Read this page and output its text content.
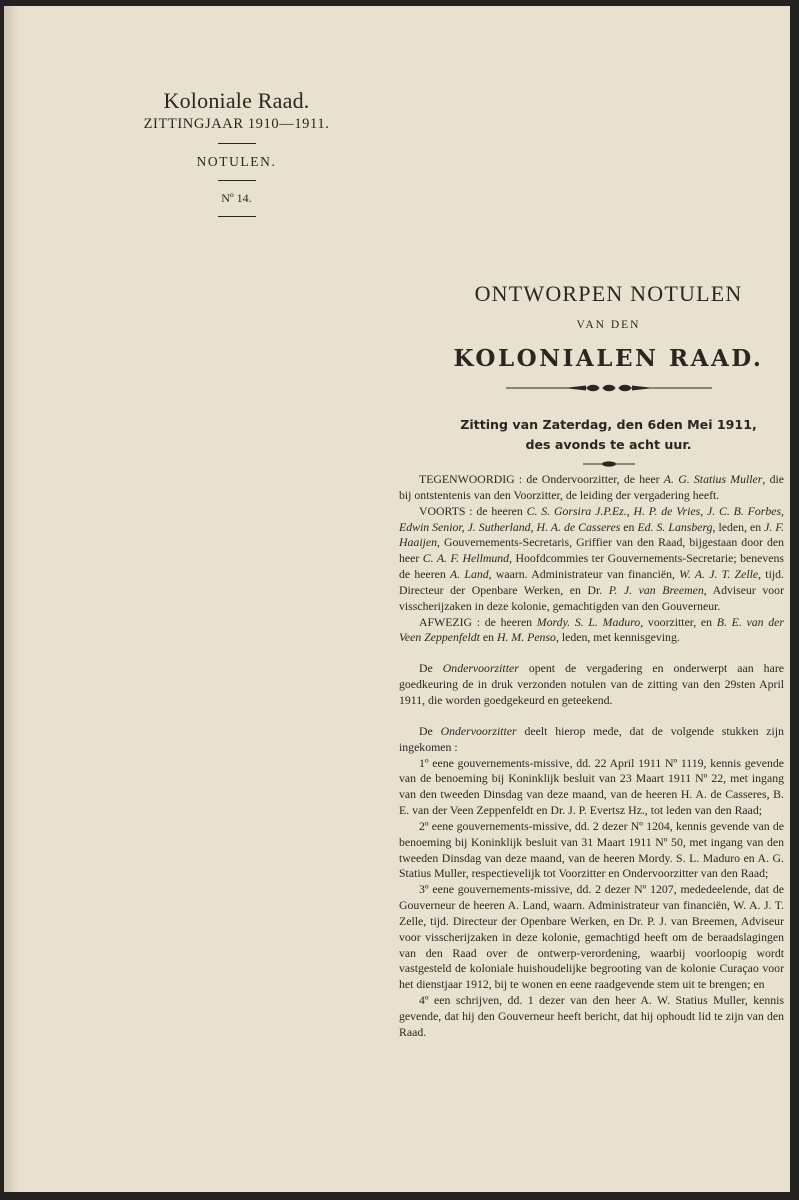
Koloniale Raad.
ZITTINGJAAR 1910—1911.
NOTULEN.
Nº 14.
ONTWORPEN NOTULEN
VAN DEN
KOLONIALEN RAAD.
Zitting van Zaterdag, den 6den Mei 1911,
des avonds te acht uur.

TEGENWOORDIG : de Ondervoorzitter, de heer A. G. Statius Muller, die bij ontstentenis van den Voorzitter, de leiding der vergadering heeft.

VOORTS : de heeren C. S. Gorsira J.P.Ez., H. P. de Vries, J. C. B. Forbes, Edwin Senior, J. Sutherland, H. A. de Casseres en Ed. S. Lansberg, leden, en J. F. Haaijen, Gouvernements-Secretaris, Griffier van den Raad, bijgestaan door den heer C. A. F. Hellmund, Hoofdcommies ter Gouvernements-Secretarie; benevens de heeren A. Land, waarn. Administrateur van financiën, W. A. J. T. Zelle, tijd. Directeur der Openbare Werken, en Dr. P. J. van Breemen, Adviseur voor visscherijzaken in deze kolonie, gemachtigden van den Gouverneur.

AFWEZIG : de heeren Mordy. S. L. Maduro, voorzitter, en B. E. van der Veen Zeppenfeldt en H. M. Penso, leden, met kennisgeving.

De Ondervoorzitter opent de vergadering en onderwerpt aan hare goedkeuring de in druk verzonden notulen van de zitting van den 29sten April 1911, die worden goedgekeurd en geteekend.

De Ondervoorzitter deelt hierop mede, dat de volgende stukken zijn ingekomen :

1º eene gouvernements-missive, dd. 22 April 1911 Nº 1119, kennis gevende van de benoeming bij Koninklijk besluit van 23 Maart 1911 Nº 22, met ingang van den tweeden Dinsdag van deze maand, van de heeren H. A. de Casseres, B. E. van der Veen Zeppenfeldt en Dr. J. P. Evertsz Hz., tot leden van den Raad;

2º eene gouvernements-missive, dd. 2 dezer Nº 1204, kennis gevende van de benoeming bij Koninklijk besluit van 31 Maart 1911 Nº 50, met ingang van den tweeden Dinsdag van deze maand, van de heeren Mordy. S. L. Maduro en A. G. Statius Muller, respectievelijk tot Voorzitter en Ondervoorzitter van den Raad;

3º eene gouvernements-missive, dd. 2 dezer Nº 1207, mededeelende, dat de Gouverneur de heeren A. Land, waarn. Administrateur van financiën, W. A. J. T. Zelle, tijd. Directeur der Openbare Werken, en Dr. P. J. van Breemen, Adviseur voor visscherijzaken in deze kolonie, gemachtigd heeft om de beraadslagingen van den Raad over de ontwerp-verordening, waarbij voorloopig wordt vastgesteld de koloniale huishoudelijke begrooting van de kolonie Curaçao voor het dienstjaar 1912, bij te wonen en eene raadgevende stem uit te brengen; en

4º een schrijven, dd. 1 dezer van den heer A. W. Statius Muller, kennis gevende, dat hij den Gouverneur heeft bericht, dat hij ophoudt lid te zijn van den Raad.
